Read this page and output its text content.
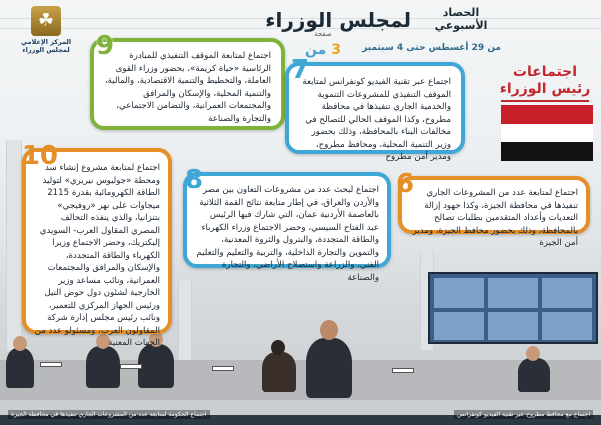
اجتماع الحكومة لمتابعة عدد من المشروعات الجاري تنفيذها في محافظة الجيزة	اجتماع مع محافظ مطروح عبر تقنية الفيديو كونفرانس
الحصاد الأسبوعي
لمجلس الوزراء
من 29 أغسطس حتى 4 سبتمبر
صفحة
3 من
☘
المركز الإعلامي لمجلس الوزراء
اجتماعات رئيس الوزراء
9	اجتماع لمتابعة الموقف التنفيذي للمبادرة الرئاسية «حياة كريمة»، بحضور وزراء القوى العاملة، والتخطيط والتنمية الاقتصادية، والمالية، والتنمية المحلية، والإسكان والمرافق والمجتمعات العمرانية، والتضامن الاجتماعي، والتجارة والصناعة
7
اجتماع عبر تقنية الفيديو كونفرانس لمتابعة الموقف التنفيذي للمشروعات التنموية والخدمية الجاري تنفيذها في محافظة مطروح، وكذا الموقف الحالي للتصالح في مخالفات البناء بالمحافظة، وذلك بحضور وزير التنمية المحلية، ومحافظ مطروح، ومدير أمن مطروح
10
اجتماع لمتابعة مشروع إنشاء سد ومحطة «جوليوس نيريري» لتوليد الطاقة الكهرومائية بقدرة 2115 ميجاوات على نهر «روفيجي» بتنزانيا، والذي ينفذه التحالف المصري المقاول العرب- السويدي إليكتريك، وحضر الاجتماع وزيرا الكهرباء والطاقة المتجددة، والإسكان والمرافق والمجتمعات العمرانية، ونائب مساعد وزير الخارجية لشئون دول حوض النيل ورئيس الجهاز المركزي للتعمير، ونائب رئيس مجلس إدارة شركة المقاولون العرب، ومسئولو عدد من الجهات المعنية
8 اجتماع لبحث عدد من مشروعات التعاون بين مصر والأردن والعراق، في إطار متابعة نتائج القمة الثلاثية بالعاصمة الأردنية عمان، التي شارك فيها الرئيس عبد الفتاح السيسي، وحضر الاجتماع وزراء الكهرباء والطاقة المتجددة، والبترول والثروة المعدنية، والتموين والتجارة الداخلية، والتربية والتعليم والتعليم الفني، والزراعة واستصلاح الأراضي، والتجارة والصناعة
6	اجتماع لمتابعة عدد من المشروعات الجاري تنفيذها في محافظة الجيزة، وكذا جهود إزالة التعديات وأعداد المتقدمين بطلبات تصالح بالمحافظة، وذلك بحضور محافظ الجيزة، ومدير أمن الجيزة
